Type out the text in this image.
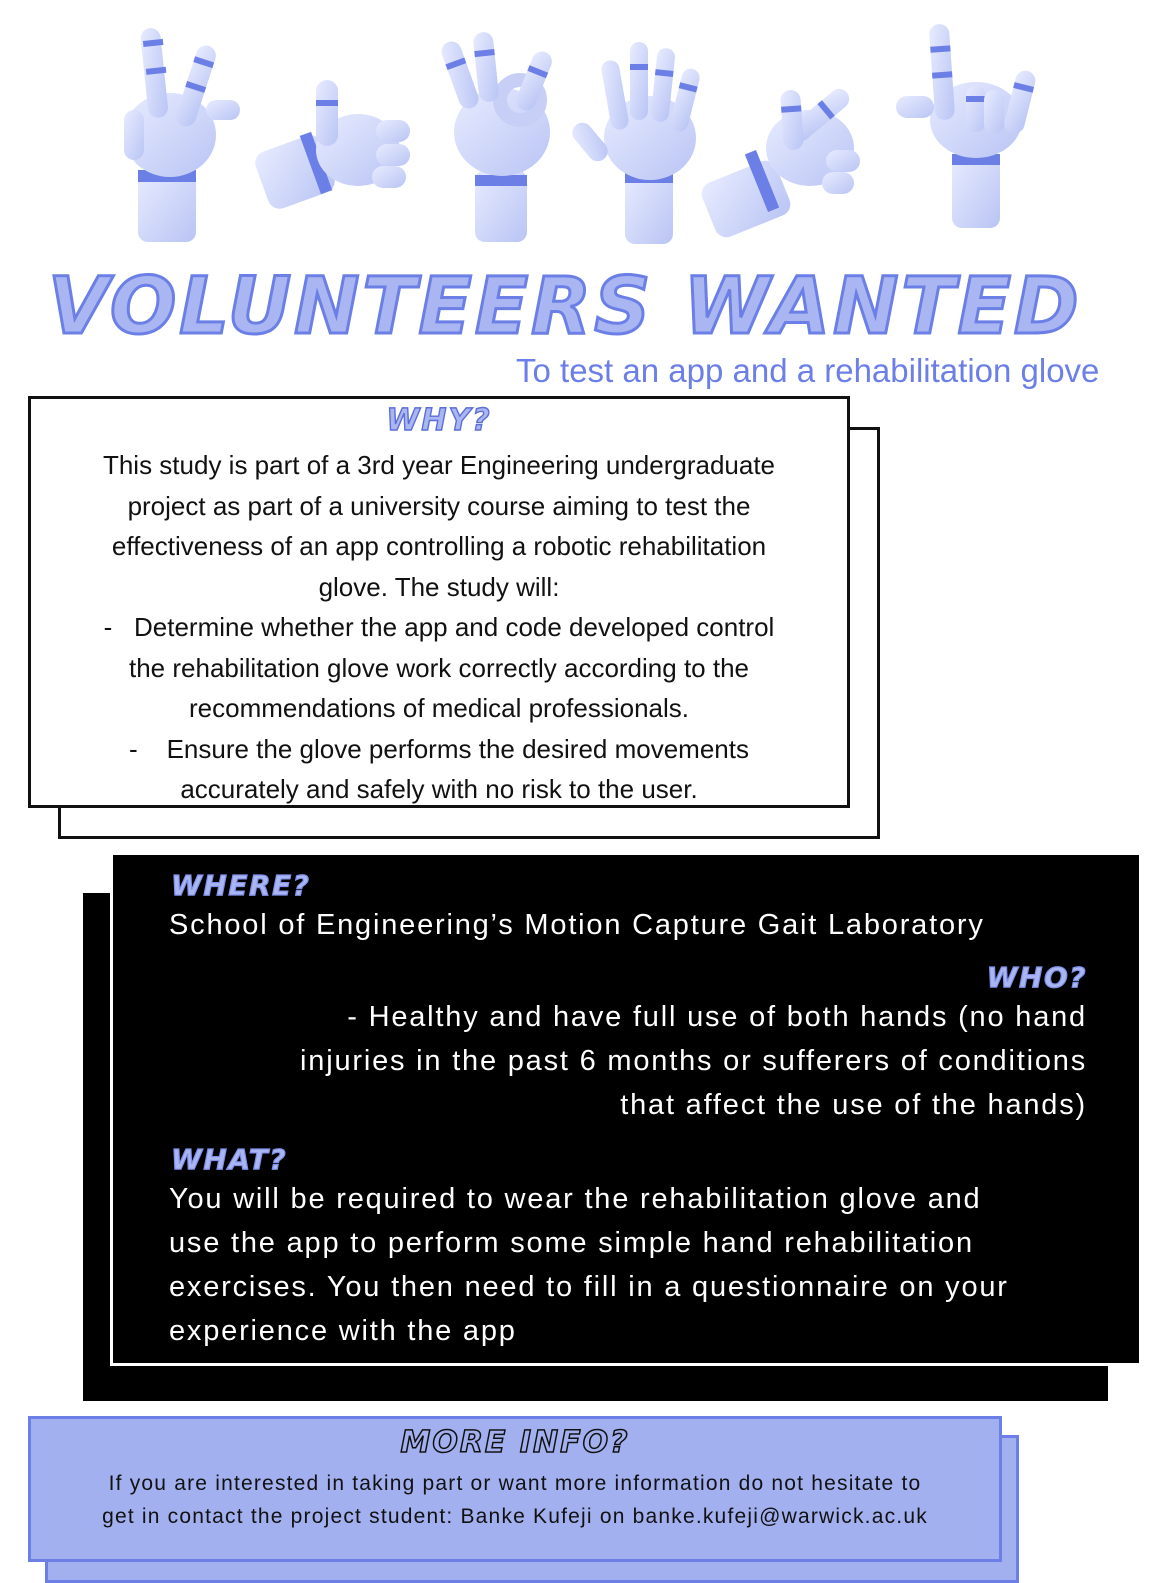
VOLUNTEERS WANTED
To test an app and a rehabilitation glove
WHY?

This study is part of a 3rd year Engineering undergraduate

project as part of a university course aiming to test the

effectiveness of an app controlling a robotic rehabilitation

glove. The study will:

-   Determine whether the app and code developed control

the rehabilitation glove work correctly according to the

recommendations of medical professionals.

-    Ensure the glove performs the desired movements

accurately and safely with no risk to the user.

WHERE?
School of Engineering’s Motion Capture Gait Laboratory
WHO?

- Healthy and have full use of both hands (no hand

injuries in the past 6 months or sufferers of conditions

that affect the use of the hands)

WHAT?

You will be required to wear the rehabilitation glove and

use the app to perform some simple hand rehabilitation

exercises. You then need to fill in a questionnaire on your

experience with the app

MORE INFO?

If you are interested in taking part or want more information do not hesitate to

get in contact the project student: Banke Kufeji on banke.kufeji@warwick.ac.uk
